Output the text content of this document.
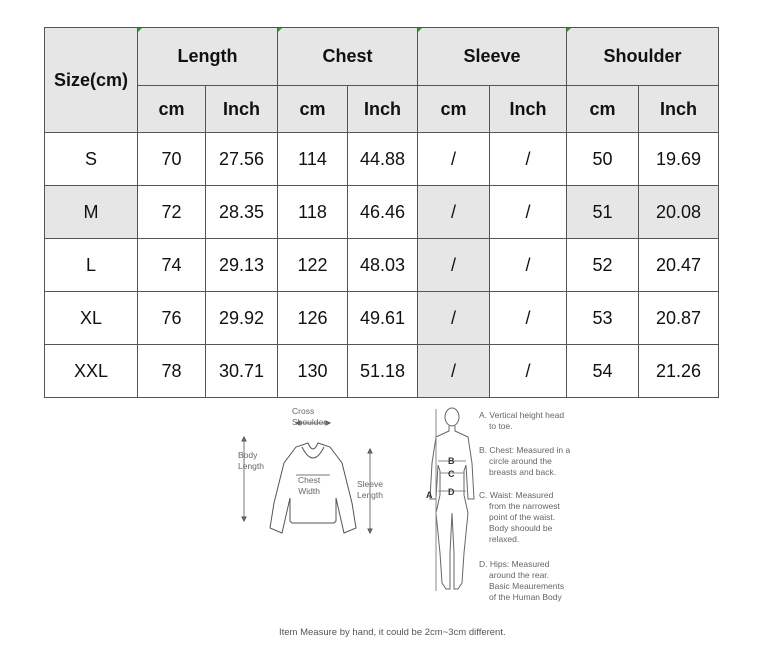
Size(cm)	Length		Chest		Sleeve		Shoulder	
	cm	Inch	cm	Inch	cm	Inch	cm	Inch
S	70	27.56	114	44.88	/	/	50	19.69
M	72	28.35	118	46.46	/	/	51	20.08
L	74	29.13	122	48.03	/	/	52	20.47
XL	76	29.92	126	49.61	/	/	53	20.87
XXL	78	30.71	130	51.18	/	/	54	21.26
A
B
C
D
Cross
Shoulder
Body
Length
Chest
Width
Sleeve
Length
A. Vertical height head
to toe.
B. Chest: Measured in a
circle around the
breasts and back.
C. Waist: Measured
from the narrowest
point of the waist.
Body shoould be
relaxed.
D. Hips: Measured
around the rear.
Basic Meaurements
of the Human Body
Item Measure by hand, it could be 2cm~3cm different.
